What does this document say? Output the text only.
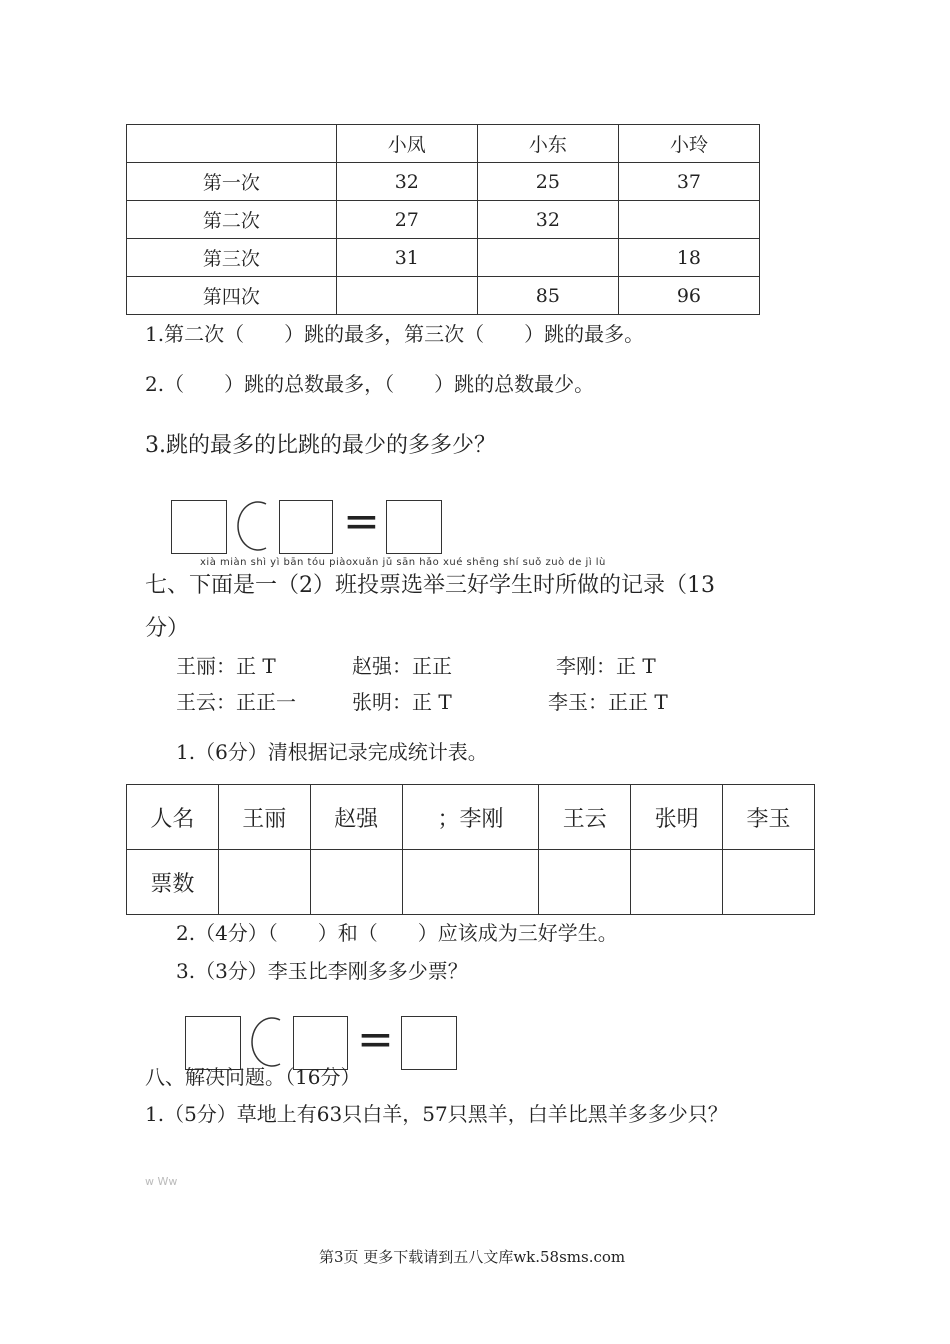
	小凤	小东	小玲
第一次	32	25	37
第二次	27	32	
第三次	31		18
第四次		85	96
1.第二次（　　）跳的最多，第三次（　　）跳的最多。
2.（　　）跳的总数最多，（　　）跳的总数最少。
3.跳的最多的比跳的最少的多多少？
=
xià miàn shì yì bān tóu piàoxuǎn jǔ sān hǎo xué shēng shí suǒ zuò de jì lù
七、下面是一（2）班投票选举三好学生时所做的记录（13
分）
王丽：正 T	赵强：正正	李刚：正 T
王云：正正一	张明：正 T	李玉：正正 T
1.（6分）清根据记录完成统计表。
人名	王丽	赵强	；李刚	王云	张明	李玉
票数						
2.（4分）（　　）和（　　）应该成为三好学生。
3.（3分）李玉比李刚多多少票？
=
八、解决问题。（16分）
1.（5分）草地上有63只白羊，57只黑羊，白羊比黑羊多多少只？
w Ww
第3页 更多下载请到五八文库wk.58sms.com
